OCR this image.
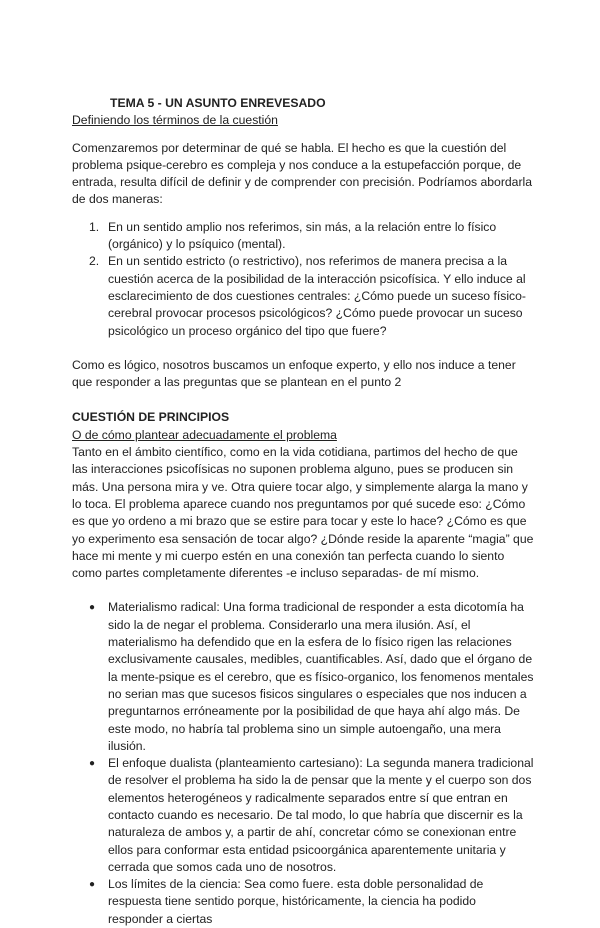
TEMA 5 - UN ASUNTO ENREVESADO

Definiendo los términos de la cuestión

Comenzaremos por determinar de qué se habla. El hecho es que la cuestión del problema psique-cerebro es compleja y nos conduce a la estupefacción porque, de entrada, resulta difícil de definir y de comprender con precisión. Podríamos abordarla de dos maneras:

1. En un sentido amplio nos referimos, sin más, a la relación entre lo físico (orgánico) y lo psíquico (mental).
2. En un sentido estricto (o restrictivo), nos referimos de manera precisa a la cuestión acerca de la posibilidad de la interacción psicofísica. Y ello induce al esclarecimiento de dos cuestiones centrales: ¿Cómo puede un suceso físico-cerebral provocar procesos psicológicos? ¿Cómo puede provocar un suceso psicológico un proceso orgánico del tipo que fuere?

Como es lógico, nosotros buscamos un enfoque experto, y ello nos induce a tener que responder a las preguntas que se plantean en el punto 2

CUESTIÓN DE PRINCIPIOS

O de cómo plantear adecuadamente el problema

Tanto en el ámbito científico, como en la vida cotidiana, partimos del hecho de que las interacciones psicofísicas no suponen problema alguno, pues se producen sin más. Una persona mira y ve. Otra quiere tocar algo, y simplemente alarga la mano y lo toca. El problema aparece cuando nos preguntamos por qué sucede eso: ¿Cómo es que yo ordeno a mi brazo que se estire para tocar y este lo hace? ¿Cómo es que yo experimento esa sensación de tocar algo? ¿Dónde reside la aparente “magia” que hace mi mente y mi cuerpo estén en una conexión tan perfecta cuando lo siento como partes completamente diferentes -e incluso separadas- de mí mismo.

● Materialismo radical: Una forma tradicional de responder a esta dicotomía ha sido la de negar el problema. Considerarlo una mera ilusión. Así, el materialismo ha defendido que en la esfera de lo físico rigen las relaciones exclusivamente causales, medibles, cuantificables. Así, dado que el órgano de la mente-psique es el cerebro, que es físico-organico, los fenomenos mentales no serian mas que sucesos fisicos singulares o especiales que nos inducen a preguntarnos erróneamente por la posibilidad de que haya ahí algo más. De este modo, no habría tal problema sino un simple autoengaño, una mera ilusión.
● El enfoque dualista (planteamiento cartesiano): La segunda manera tradicional de resolver el problema ha sido la de pensar que la mente y el cuerpo son dos elementos heterogéneos y radicalmente separados entre sí que entran en contacto cuando es necesario. De tal modo, lo que habría que discernir es la naturaleza de ambos y, a partir de ahí, concretar cómo se conexionan entre ellos para conformar esta entidad psicoorgánica aparentemente unitaria y cerrada que somos cada uno de nosotros.
● Los límites de la ciencia: Sea como fuere. esta doble personalidad de respuesta tiene sentido porque, históricamente, la ciencia ha podido responder a ciertas
